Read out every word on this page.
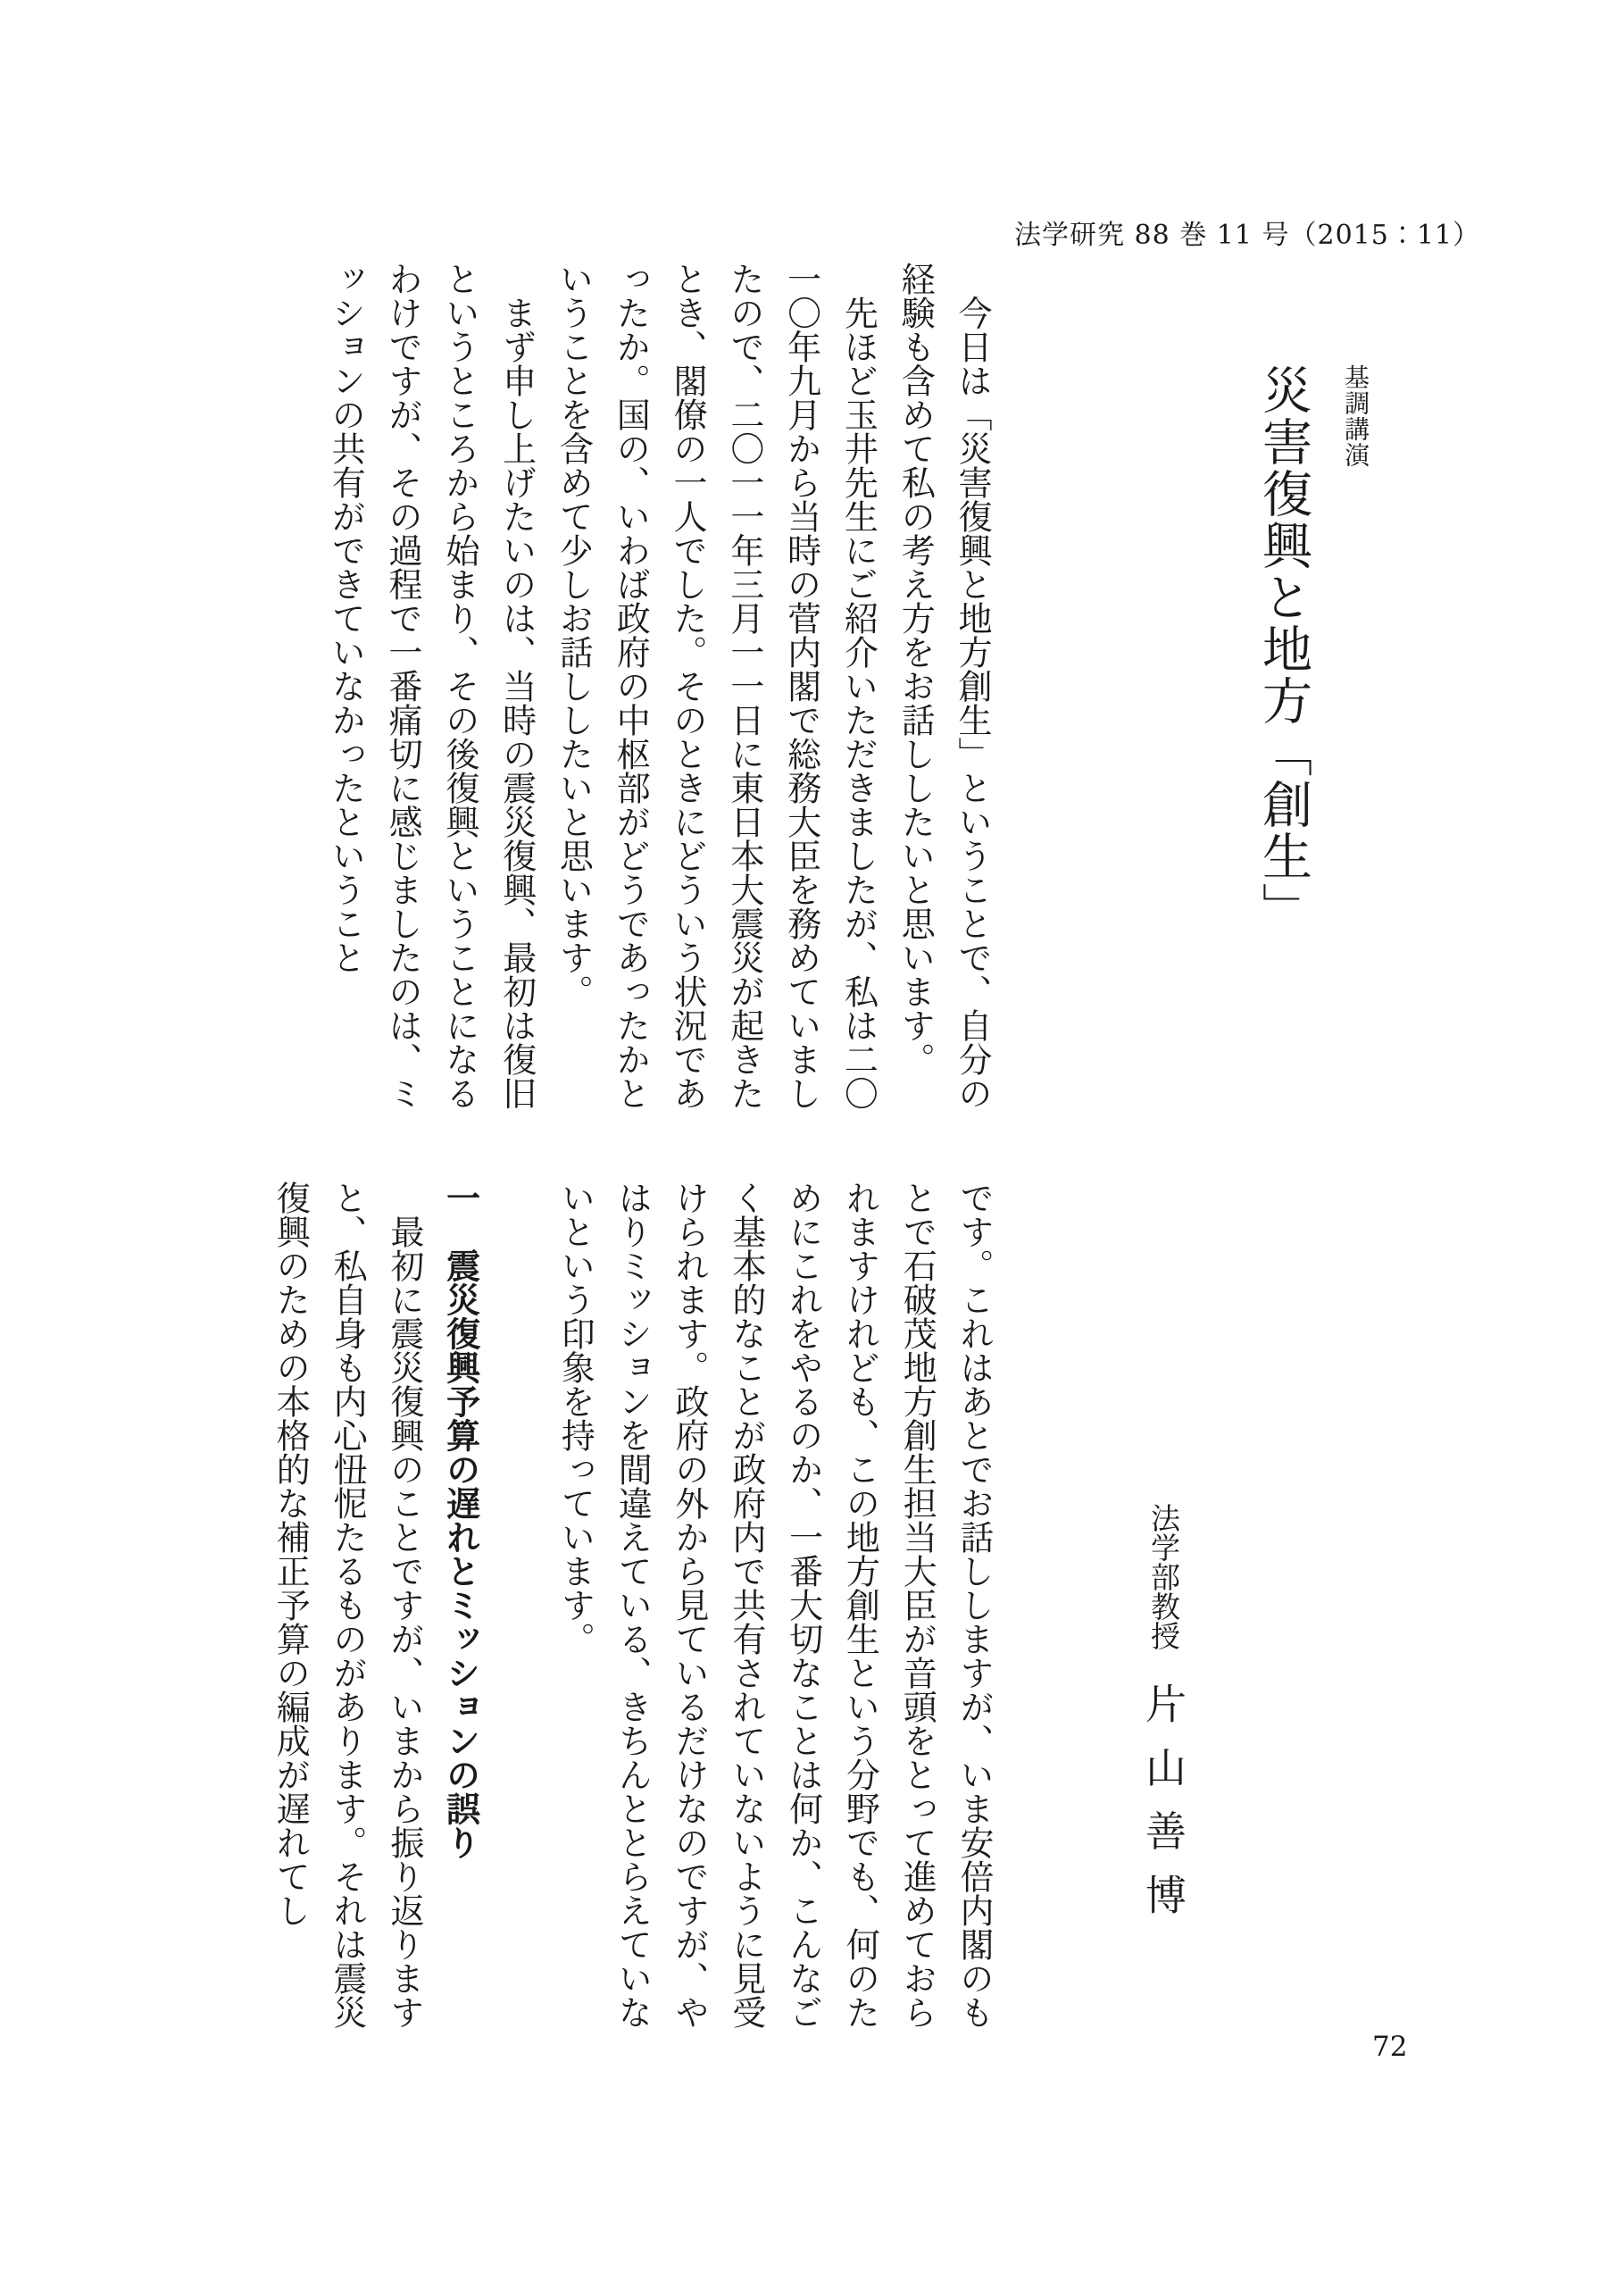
法学研究 88 巻 11 号（2015：11）
基調講演
災害復興と地方「創生」

今日は「災害復興と地方創生」ということで、自分の経験も含めて私の考え方をお話ししたいと思います。

先ほど玉井先生にご紹介いただきましたが、私は二〇一〇年九月から当時の菅内閣で総務大臣を務めていましたので、二〇一一年三月一一日に東日本大震災が起きたとき、閣僚の一人でした。そのときにどういう状況であったか。国の、いわば政府の中枢部がどうであったかということを含めて少しお話ししたいと思います。

まず申し上げたいのは、当時の震災復興、最初は復旧というところから始まり、その後復興ということになるわけですが、その過程で一番痛切に感じましたのは、ミッションの共有ができていなかったということ

法学部教授片山善博

です。これはあとでお話ししますが、いま安倍内閣のもとで石破茂地方創生担当大臣が音頭をとって進めておられますけれども、この地方創生という分野でも、何のためにこれをやるのか、一番大切なことは何か、こんなごく基本的なことが政府内で共有されていないように見受けられます。政府の外から見ているだけなのですが、やはりミッションを間違えている、きちんととらえていないという印象を持っています。

一　震災復興予算の遅れとミッションの誤り

最初に震災復興のことですが、いまから振り返りますと、私自身も内心忸怩たるものがあります。それは震災復興のための本格的な補正予算の編成が遅れてし

72
